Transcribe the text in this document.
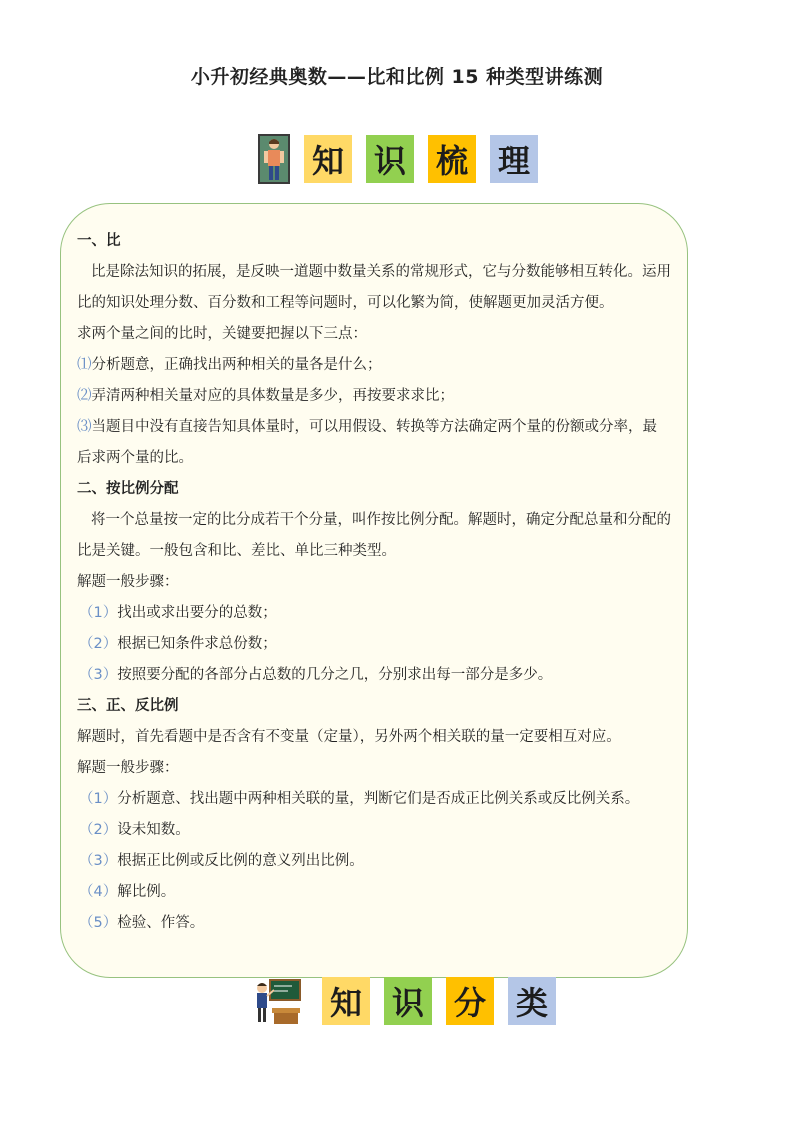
小升初经典奥数——比和比例 15 种类型讲练测
知 识 梳 理

一、比

比是除法知识的拓展，是反映一道题中数量关系的常规形式，它与分数能够相互转化。运用

比的知识处理分数、百分数和工程等问题时，可以化繁为简，使解题更加灵活方便。

求两个量之间的比时，关键要把握以下三点：

⑴分析题意，正确找出两种相关的量各是什么；

⑵弄清两种相关量对应的具体数量是多少，再按要求求比；

⑶当题目中没有直接告知具体量时，可以用假设、转换等方法确定两个量的份额或分率，最

后求两个量的比。

二、按比例分配

将一个总量按一定的比分成若干个分量，叫作按比例分配。解题时，确定分配总量和分配的

比是关键。一般包含和比、差比、单比三种类型。

解题一般步骤：

（1）找出或求出要分的总数；

（2）根据已知条件求总份数；

（3）按照要分配的各部分占总数的几分之几，分别求出每一部分是多少。

三、正、反比例

解题时，首先看题中是否含有不变量（定量），另外两个相关联的量一定要相互对应。

解题一般步骤：

（1）分析题意、找出题中两种相关联的量，判断它们是否成正比例关系或反比例关系。

（2）设未知数。

（3）根据正比例或反比例的意义列出比例。

（4）解比例。

（5）检验、作答。

知 识 分 类
